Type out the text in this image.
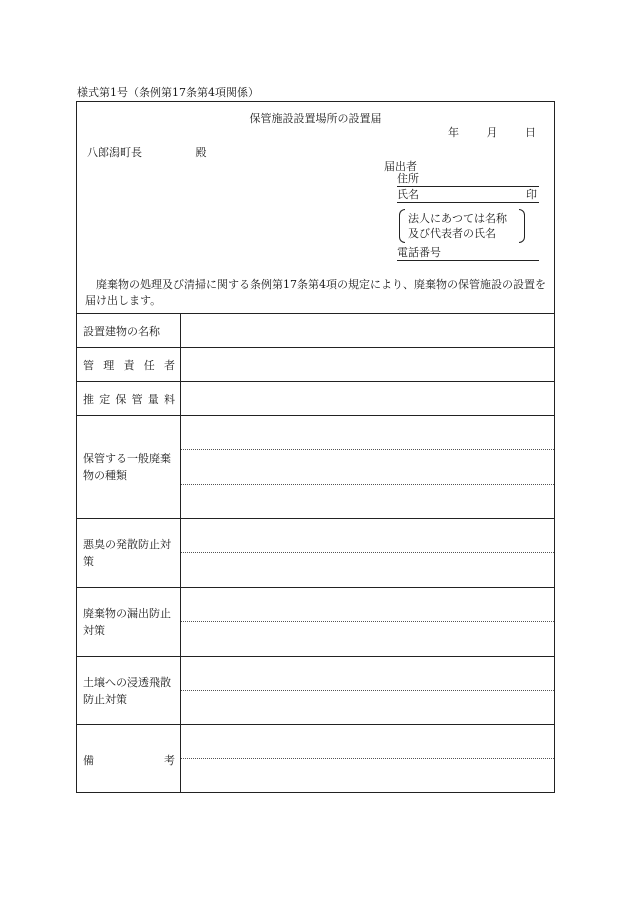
様式第1号（条例第17条第4項関係）
保管施設設置場所の設置届
年	月	日
八郎潟町長	殿
届出者
住所
氏名	印
法人にあつては名称
及び代表者の氏名
電話番号
廃棄物の処理及び清掃に関する条例第17条第4項の規定により、廃棄物の保管施設の設置を届け出します。
設置建物の名称
管 理 責 任 者
推 定 保 管 量 料
保管する一般廃棄物の種類
悪臭の発散防止対策
廃棄物の漏出防止対策
土壌への浸透飛散防止対策
備	考
